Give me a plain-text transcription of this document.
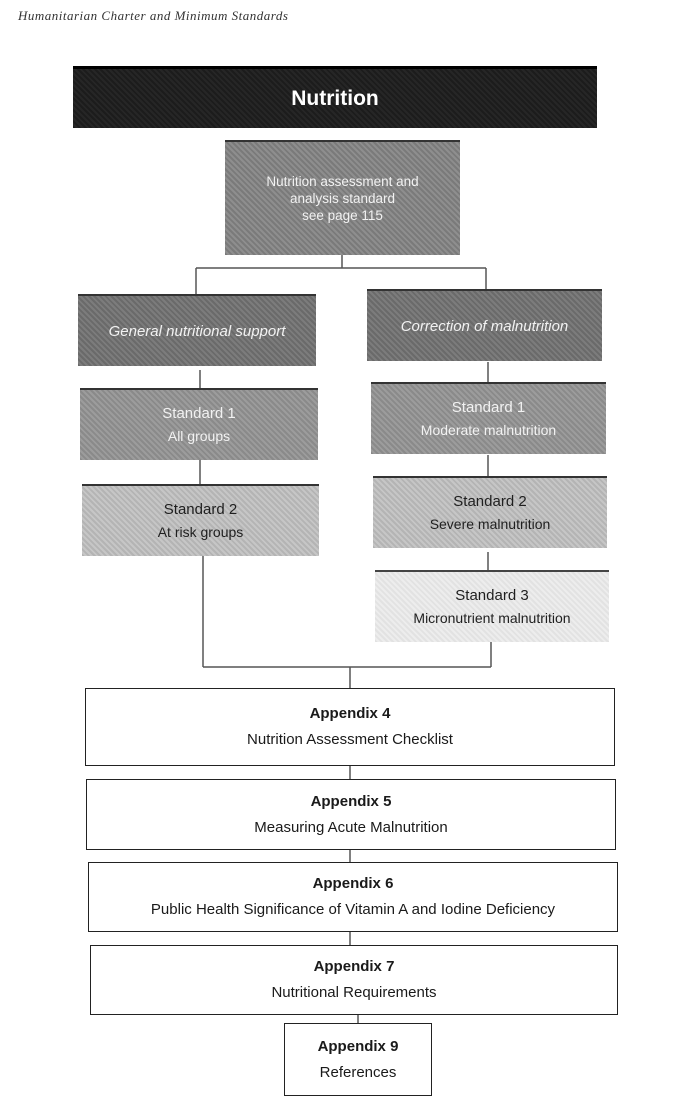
Humanitarian Charter and Minimum Standards
Nutrition
Nutrition assessment and
analysis standard
see page 115
General nutritional support
Standard 1
All groups
Standard 2
At risk groups
Correction of malnutrition
Standard 1
Moderate malnutrition
Standard 2
Severe malnutrition
Standard 3
Micronutrient malnutrition
Appendix 4
Nutrition Assessment Checklist
Appendix 5
Measuring Acute Malnutrition
Appendix 6
Public Health Significance of Vitamin A and Iodine Deficiency
Appendix 7
Nutritional Requirements
Appendix 9
References
